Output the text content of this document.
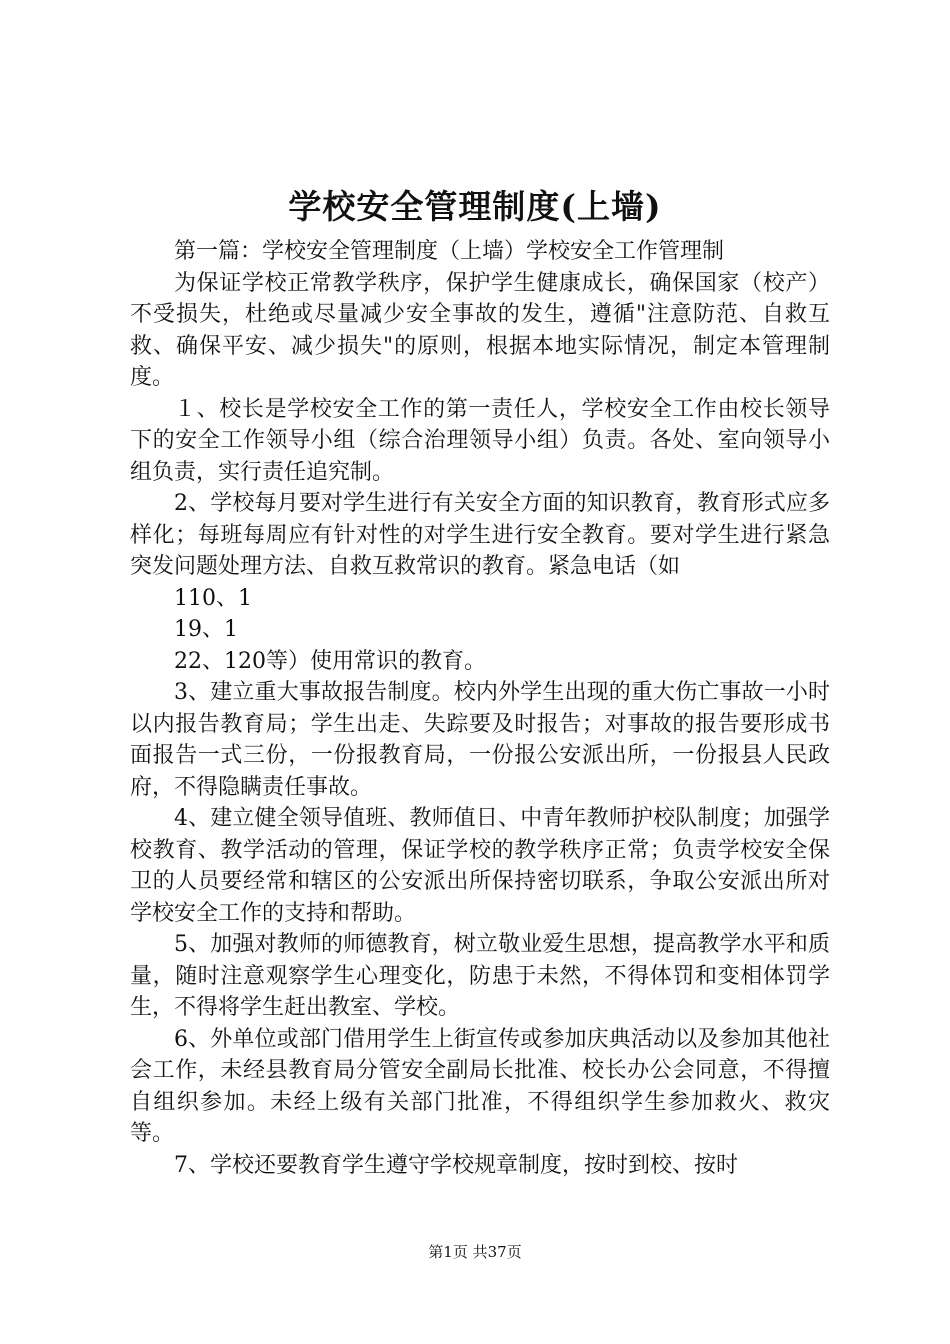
学校安全管理制度(上墙)

第一篇：学校安全管理制度（上墙）学校安全工作管理制

为保证学校正常教学秩序，保护学生健康成长，确保国家（校产）不受损失，杜绝或尽量减少安全事故的发生，遵循"注意防范、自救互救、确保平安、减少损失"的原则，根据本地实际情况，制定本管理制度。

１、校长是学校安全工作的第一责任人，学校安全工作由校长领导下的安全工作领导小组（综合治理领导小组）负责。各处、室向领导小组负责，实行责任追究制。

2、学校每月要对学生进行有关安全方面的知识教育，教育形式应多样化；每班每周应有针对性的对学生进行安全教育。要对学生进行紧急突发问题处理方法、自救互救常识的教育。紧急电话（如

110、1

19、1

22、120等）使用常识的教育。

3、建立重大事故报告制度。校内外学生出现的重大伤亡事故一小时以内报告教育局；学生出走、失踪要及时报告；对事故的报告要形成书面报告一式三份，一份报教育局，一份报公安派出所，一份报县人民政府，不得隐瞒责任事故。

4、建立健全领导值班、教师值日、中青年教师护校队制度；加强学校教育、教学活动的管理，保证学校的教学秩序正常；负责学校安全保卫的人员要经常和辖区的公安派出所保持密切联系，争取公安派出所对学校安全工作的支持和帮助。

5、加强对教师的师德教育，树立敬业爱生思想，提高教学水平和质量，随时注意观察学生心理变化，防患于未然，不得体罚和变相体罚学生，不得将学生赶出教室、学校。

6、外单位或部门借用学生上街宣传或参加庆典活动以及参加其他社会工作，未经县教育局分管安全副局长批准、校长办公会同意，不得擅自组织参加。未经上级有关部门批准，不得组织学生参加救火、救灾等。

7、学校还要教育学生遵守学校规章制度，按时到校、按时

第1页 共37页
